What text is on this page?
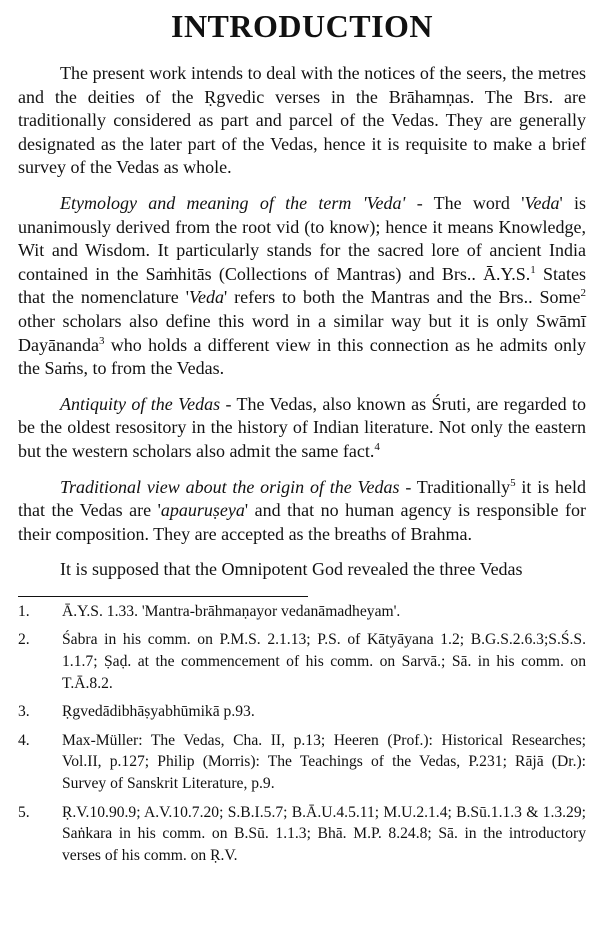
INTRODUCTION

The present work intends to deal with the notices of the seers, the metres and the deities of the Ṛgvedic verses in the Brāhamṇas. The Brs. are traditionally considered as part and parcel of the Vedas. They are generally designated as the later part of the Vedas, hence it is requisite to make a brief survey of the Vedas as whole.

Etymology and meaning of the term 'Veda' - The word 'Veda' is unanimously derived from the root vid (to know); hence it means Knowledge, Wit and Wisdom. It particularly stands for the sacred lore of ancient India contained in the Saṁhitās (Collections of Mantras) and Brs.. Ā.Y.S.$^1$ States that the nomenclature 'Veda' refers to both the Mantras and the Brs.. Some$^2$ other scholars also define this word in a similar way but it is only Swāmī Dayānanda$^3$ who holds a different view in this connection as he admits only the Saṁs, to from the Vedas.

Antiquity of the Vedas - The Vedas, also known as Śruti, are regarded to be the oldest resository in the history of Indian literature. Not only the eastern but the western scholars also admit the same fact.$^4$

Traditional view about the origin of the Vedas - Traditionally$^5$ it is held that the Vedas are 'apauruṣeya' and that no human agency is responsible for their composition. They are accepted as the breaths of Brahma.

It is supposed that the Omnipotent God revealed the three Vedas

1.	Ā.Y.S. 1.33. 'Mantra-brāhmaṇayor vedanāmadheyam'.
2.	Śabra in his comm. on P.M.S. 2.1.13; P.S. of Kātyāyana 1.2; B.G.S.2.6.3;S.Ś.S. 1.1.7; Ṣaḍ. at the commencement of his comm. on Sarvā.; Sā. in his comm. on T.Ā.8.2.
3.	Ṛgvedādibhāṣyabhūmikā p.93.
4.	Max-Müller: The Vedas, Cha. II, p.13; Heeren (Prof.): Historical Researches; Vol.II, p.127; Philip (Morris): The Teachings of the Vedas, P.231; Rājā (Dr.): Survey of Sanskrit Literature, p.9.
5.	Ṛ.V.10.90.9; A.V.10.7.20; S.B.I.5.7; B.Ā.U.4.5.11; M.U.2.1.4; B.Sū.1.1.3 & 1.3.29; Saṅkara in his comm. on B.Sū. 1.1.3; Bhā. M.P. 8.24.8; Sā. in the introductory verses of his comm. on Ṛ.V.
